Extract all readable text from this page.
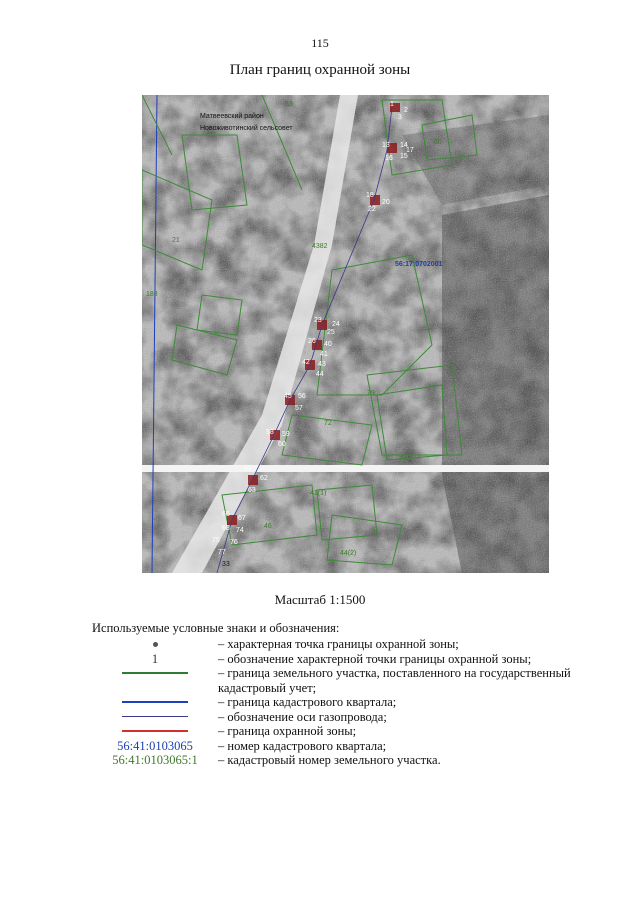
115
План границ охранной зоны
Матвеевский район
Новоживотинский сельсовет
56:17:0702001
21
183
4382
41(1)
44(2)
46
33
72
79
53
60
1
2
3
13 14
15
16
17
18
20
22
23
24
25
26 40
41
42 43
44
45 56
57
58 59
60
61
62
63
66
67
68 74
75 76
77
Масштаб 1:1500
Используемые условные знаки и обозначения:
– характерная точка границы охранной зоны;
1	– обозначение характерной точки границы охранной зоны;
– граница земельного участка, поставленного на государственный кадастровый учет;
– граница кадастрового квартала;
– обозначение оси газопровода;
– граница охранной зоны;
56:41:0103065 – номер кадастрового квартала;
56:41:0103065:1 – кадастровый номер земельного участка.
